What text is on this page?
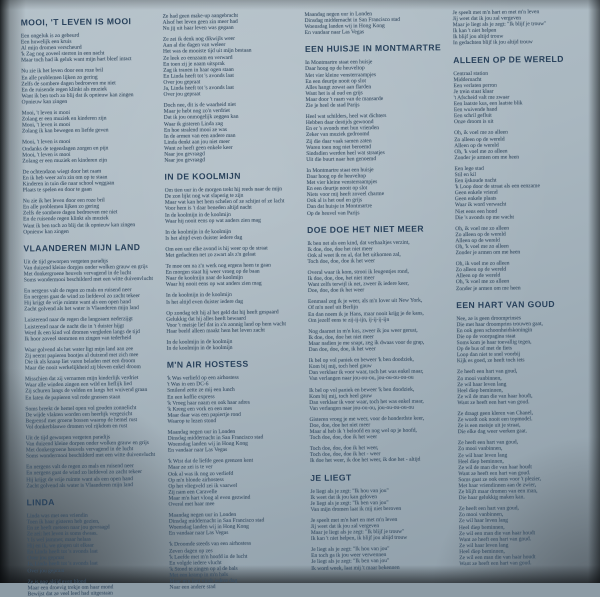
MOOI, 'T LEVEN IS MOOI
Een ongeluk is zo gebeurd
Een huwelijk een kruis
Al mijn dromen verscheurd
'k Zag nog zoveel sterren in een nacht
Maar toch had ik geluk want mijn hart bleef intact
Nu zie ik het leven door een roze bril
En alle problemen lijken zo gering
Zelfs de sombere dagen bedroeven me niet
En de ruisende regen klinkt als muziek
Want ik ben toch zo blij dat ik opnieuw kan zingen
Opnieuw kan zingen
Mooi, 't leven is mooi
Zolang er een muziek en kinderen zijn
Mooi, 't leven is mooi
Zolang ik kan bewegen en liefde geven
Mooi, 't leven is mooi
Ondanks de tegenslagen zorgen en pijn
Mooi, 't leven is mooi
Zolang er een muziek en kinderen zijn
De ochtendzon wiegt door het raam
En ik heb weer zo'n zin om op te staan
Kinderen in tuin die naar school weggaan
Plaats te spelen en door te gaan
Nu zie ik het leven door een roze bril
En alle problemen lijken zo gering
Zelfs de sombere dagen bedroeven me niet
En de ruisende regen klinkt als muziek
Want ik ben toch zo blij dat ik opnieuw kan zingen
Opnieuw kan zingen
VLAANDEREN MIJN LAND
Uit de tijd geworpen vergeten paradijs
Van duizend kleine dorpjes onder wolken grauw en grijs
Met donkergroene heuvels vervagend in de lucht
Soms wondermooi beschilderd met een witte duivenvlucht
En nergens valt de regen zo mals en ruisend neer
En nergens gaat de wind zo liefdevol zo zacht tekeer
Hij krijgt de vrije ruimte want als een open hand
Zacht golvend als het water is Vlaanderen mijn land
Luisterend naar de regen die langzaam nederzijgt
Luisterend naar de nacht die in 't duister hijgt
Werd ik een kind vol dromen vergleden langs de tijd
Ik hoor zoveel stemmen en zingen van tederheid
Waar golvend als het water ligt mijn land aan zee
Zij neemt papieren bootjes al duizend met zich mee
Die ik als knaap liet varen beladen met een droom
Maar die nooit werkelijkheid zij bleven enkel droom
Misschien dat zij vernamen mijn kinderlijk verdriet
Waar alle winden zingen een wild en lieflijk lied
Zij schuren langs de velden en langs het wuivend graan
En laten de papieren vol rode grassen staan
Soms breekt de hemel open vol gouden zonnelicht
De wijde vlakten worden een heerlijk vergezicht
Begrensd met groene bossen waarop de hemel rust
Vol donkerblauwe dromen vol rijkdom en rust
Uit de tijd geworpen vergeten paradijs
Van duizend kleine dorpen onder wolken grauw en grijs
Met donkergroene heuvels vervagend in de lucht
Soms wondermooi beschilderd met een witte duivenvlucht
En nergens valt de regen zo mals en ruisend neer
En nergens gaat de wind zo liefdevol zo zacht tekeer
Hij krijgt de vrije ruimte want als een open hand
Zacht golvend als water is Vlaanderen mijn land
LINDA
Linda was met een vriendin
Toen ik haar gisteren heb gezien,
En ze heeft meteen naar jou gevraagd
Ze zei: het leven is soms dwaas.
't Is wel jammer, maar helaas
Hij en ik, we gingen uit elkaar
En Linda heeft tot 's avonds laat
Over jou gepraat
Ja, Linda heeft tot 's avonds laat
Over jou gepraat
Ze is nog altijd even blond
Maar een droevig trekje om haar mond
Bewijst dat ze veel leed had uitgestaan
Ze had geen make-up aangebracht
Alsof het leven geen zin meer had
Nu jij uit haar leven was gegaan
Ze zei ik denk nog dikwijls weer
Aan al die dagen van weleer
Het was de mooiste tijd uit mijn bestaan
Ze leek zo eenzaam en verward
En toen zij je naam uitsprak
Zag ik tranen in haar ogen staan
En Linda heeft tot 's avonds laat
Over jou gepraat
Ja, Linda heeft tot 's avonds laat
Over jou gepraat
Doch nee, dit is de waarheid niet
Maar je hebt nog zo'n verdriet
Dat ik jou onmogelijk zeggen kan
Waar ik gisteren Linda zag
En hoe stralend mooi ze was
In de armen van een andere man
Linda denkt aan jou niet meer
Want ze heeft geen enkele keer
Naar jou gevraagd
Naar jou gevraagd
IN DE KOOLMIJN
Om tien uur in de morgen trekt hij reeds naar de mijn
De zon lijkt nog wat slaperig te zijn
Maar wat kan het hem schelen of ze schijnt of ze lacht
Voor hem is 't daar beneden altijd nacht
In de koolmijn in de koolmijn
Waar hij nooit eens op wat anders zien mag
In de koolmijn in de koolmijn
Is het altijd even duister iedere dag
Om een uur elke avond is hij weer op de straat
Met gedachten net zo zwart als z'n gelaat
Te moe om na z'n werk nog ergens heen te gaan
En morgen staat hij weer vroeg op de baan
Naar de koolmijn naar de koolmijn
Waar hij nooit eens op wat anders zien mag
In de koolmijn in de koolmijn
Is het altijd even duister iedere dag
Op zondag telt hij al het geld dat hij heeft gespaard
Gelukkig dat hij alles heeft bewaard
Voor 't meisje lief dat in z'n zonnig land op hem wacht
Haar beeld alleen maakt hem het leven zacht
In de koolmijn in de koolmijn
In de koolmijn in de koolmijn
M'N AIR HOSTESS
'k Was verliefd op een airhostess
't Was in een DC-6
Smilend zette ze mij een lunch
En een koffie express
'k Vroeg haar naam en ook haar adres
'k Kreeg een vork en een mes
Maar daar was een papiertje rond
Waarop te lezen stond
Maandag negen uur in Londen
Dinsdag middernacht in San Francisco stad
Woensdag landen wij in Hong Kong
En vandaar naar Las Vegas
'k Wist dat de liefde geen grenzen kent
Maar ze zei is te ver
Ook al was ik nog zo verliefd
Op m'n blonde airhostess
Op het vliegveld zei ik vaarwel
Zij nam een Caravelle
Maar m'n hart vloog al even gezwind
Overal met haar mee
Maandag negen uur in Londen
Dinsdag middernacht in San Francisco stad
Woensdag landen wij in Hong Kong
En vandaar naar Las Vegas
'k Droomde steeds van een airhostess
Zeven dagen op zes
'k Leefde met m'n hoofd in de lucht
En volgde iedere vlucht
'k Stond te zingen op al de bals
Met een kramp in m'n hals
Maar m'n hart vindt iedere dag
Naar een andere stad
Maandag negen uur in Londen
Dinsdag middernacht in San Francisco stad
Woensdag landen wij in Hong Kong
En vandaar naar Las Vegas
EEN HUISJE IN MONTMARTRE
In Montmartre staat een huisje
Daar hoog op de heuveltop
Met vier kleine vensterraampjes
En een deurtje nooit op slot
Alles hangt zowat aan flarden
Want het is al oud en grijs
Maar door 't raam van de mansarde
Zie je heel de stad Parijs
Heel wat schilders, heel wat dichters
Hebben daar destijds gewoond
En er 's avonds met hun vrienden
Zeker van muziek gedroomd
Zij die daar vaak samen zaten
Waren toen nog niet beroemd
Sindsdien werden heel wat straatjes
Uit die buurt naar hen genoemd
In Montmartre staat een huisje
Daar hoog op de heuveltop
Met vier kleine vensterraampjes
En een deurtje nooit op slot
Niets voor mij heeft zoveel charme
Ook al is het oud en grijs
Dan dat huisje in Montmartre
Op de heuvel van Parijs
DOE DOE HET NIET MEER
Ik ben net als een kind, dat verhaaltjes verzint,
Ik doe, doe, doe het niet meer
Ook al weet ik nu al, dat het uitkomen zal,
Toch doe, doe, doe ik het weer
Overal waar ik kom, strooi ik leugentjes rond,
Ik doe, doe, doe, het niet meer
Want zelfs terwijl ik net, zweer ik iedere keer,
Doe, doe, doe ik het weer
Eenmaal zeg ik je weer, als m'n lover uit New York,
Of m'n neef uit Berlijn
En dan noem ik je Hans, maar nooit krijg je de kans,
Om jezelf eens te zij-ij-ijn, ij-ij-ij-ijn
Nog daarnet in m'n kus, zweer ik jou weer gerust,
Ik doe, doe, doe het niet meer
Maar nadien je me snapt, zeg ik dwaas voor de grap,
Dan doe, doe, doe, ik het weer
Ik bel op vol paniek en beweer 'k ben doodziek,
Kom bij mij, toch heel gauw
Dan verklaar ik voor waar, toch het was enkel maar,
Van verlangen naar jou-ou-ou, jou-ou-ou-ou-ou
Ik bel op vol paniek en beweer 'k ben doodziek,
Kom bij mij, toch heel gauw
Dan verklaar ik voor waar, toch het was enkel maar,
Van verlangen naar jou-ou-ou, jou-ou-ou-ou-ou
Gisteren vroeg je me weer, voor de honderdste keer,
Doe, doe, doe het niet meer
Maar al heb ik 't beloofd en nog wel op je hoofd,
Toch doe, doe, doe ik het weer
Toch doe, doe, doe ik het weer,
Toch doe, doe, doe ik het - weer
Ik doe het weer, ik doe het weer, ik doe het - altijd
JE LIEGT
Je liegt als je zegt: "Ik hou van jou"
Ik weet dat ik jou kan geloven
Je liegt als je zegt: "Ik ben van jou"
Van mijn dromen laat ik mij niet beroven
Je speelt met m'n hart en met m'n leven
Jij weet dat ik jou zal vergeven
Maar je liegt als je zegt: "Ik blijf je trouw"
Ik kan 't niet helpen, ik blijf jou altijd trouw
Je liegt als je zegt: "Ik hou van jou"
En toch ga ik jou weer verwennen
Je liegt als je zegt: "Ik ben van jou"
Ik word week, laat mij 't maar bekennen
Je speelt met m'n hart en met m'n leven
Jij weet dat ik jou zal vergeven
Maar je liegt als je zegt: "Ik blijf je trouw"
Ik kan 't niet helpen
Ik blijf jou altijd trouw
In gedachten blijf ik jou altijd trouw
ALLEEN OP DE WERELD
Centraal station
Middernacht
Een verlaten perron
Je trein staat klaar
't Afscheid valt me zwaar
Een laatste kus, een laatste blik
Een wuivende hand
Een schril gefluit
Onze droom is uit
Oh, ik voel me zo alleen
Zo alleen op de wereld
Alleen op de wereld
Oh, 'k voel me zo alleen
Zonder je armen om me heen
Een lege stad
Stil en kil
Een ijskoude nacht
'k Loop door de straat als een eenzame
Geen enkele vriend
Geen enkele plaats
Waar ik word verwacht
Niet eens een hond
Die 's avonds op me wacht
Oh, ik voel me zo alleen
Zo alleen op de wereld
Alleen op de wereld
Oh, 'k voel me zo alleen
Zonder je armen om me heen
Oh, ik voel me zo alleen
Zo alleen op de wereld
Alleen op de wereld
Oh, 'k voel me zo alleen
Zonder je armen om me heen
EEN HART VAN GOUD
Nee, ze is geen droomprinses
Die met haar droomprins trouwen gaat,
En ook geen schoonheidskoningin
Die op de voorpagina staat
Soms kom je haar toevallig tegen,
Op de bus of met de fiets
Loop dan niet te snel voorbij
Kijk es goed, ze heeft toch iets
Ze heeft een hart van goud,
Zo mooi vanbinnen,
Ze wil haar leven lang
Heel diep beminnen,
Ze wil de man die van haar houdt,
Want ze heeft een hart van goud.
Ze draagt geen kleren van Chanel,
Ze wordt ook nooit een topmodel.
Ze is een meisje uit je straat,
Die elke dag weer werken gaat.
Ze heeft een hart van goud,
Zo mooi vanbinnen,
Ze wil haar leven lang
Heel diep beminnen,
Ze wil de man die van haar houdt
Want ze heeft een hart van goud.
Soms gaat ze ook eens voor 't plezier,
Met haar vriendinnen aan de zwier,
Ze blijft maar dromen van een man,
Die haar gelukkig maken kan.
Ze heeft een hart van goud,
Zo mooi vanbinnen,
Ze wil haar leven lang
Heel diep beminnen,
Ze wil een man die van haar houdt
Want ze heeft een hart van goud.
Ze wil haar leven lang
Heel diep beminnen,
Ze wil een man die van haar houdt
Want ze heeft een hart van goud.
